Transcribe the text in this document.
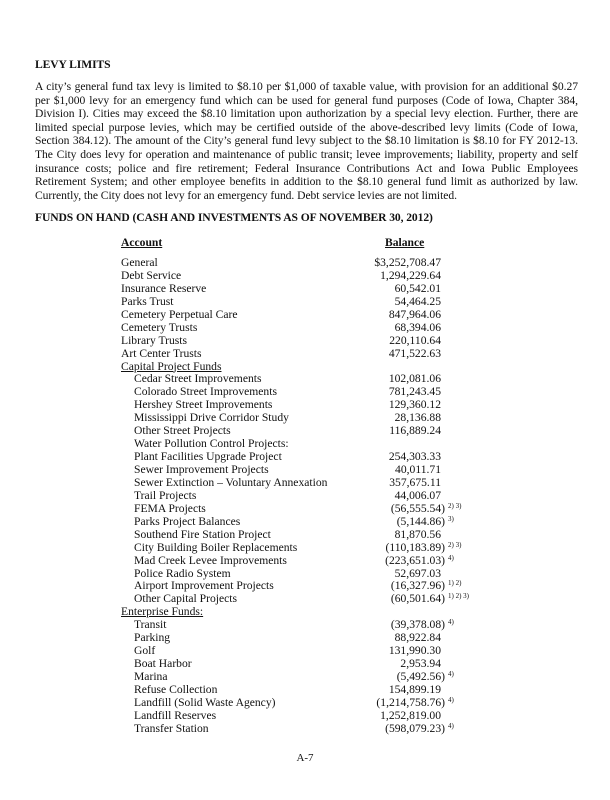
LEVY LIMITS

A city’s general fund tax levy is limited to $8.10 per $1,000 of taxable value, with provision for an additional $0.27 per $1,000 levy for an emergency fund which can be used for general fund purposes (Code of Iowa, Chapter 384, Division I). Cities may exceed the $8.10 limitation upon authorization by a special levy election. Further, there are limited special purpose levies, which may be certified outside of the above-described levy limits (Code of Iowa, Section 384.12). The amount of the City’s general fund levy subject to the $8.10 limitation is $8.10 for FY 2012-13. The City does levy for operation and maintenance of public transit; levee improvements; liability, property and self insurance costs; police and fire retirement; Federal Insurance Contributions Act and Iowa Public Employees Retirement System; and other employee benefits in addition to the $8.10 general fund limit as authorized by law. Currently, the City does not levy for an emergency fund. Debt service levies are not limited.

FUNDS ON HAND (CASH AND INVESTMENTS AS OF NOVEMBER 30, 2012)
Account	Balance
General	$3,252,708.47
Debt Service	1,294,229.64
Insurance Reserve	60,542.01
Parks Trust	54,464.25
Cemetery Perpetual Care	847,964.06
Cemetery Trusts	68,394.06
Library Trusts	220,110.64
Art Center Trusts	471,522.63
Capital Project Funds
Cedar Street Improvements	102,081.06
Colorado Street Improvements	781,243.45
Hershey Street Improvements	129,360.12
Mississippi Drive Corridor Study	28,136.88
Other Street Projects	116,889.24
Water Pollution Control Projects:
Plant Facilities Upgrade Project	254,303.33
Sewer Improvement Projects	40,011.71
Sewer Extinction – Voluntary Annexation	357,675.11
Trail Projects	44,006.07
FEMA Projects	(56,555.54) 2) 3)
Parks Project Balances	(5,144.86) 3)
Southend Fire Station Project	81,870.56
City Building Boiler Replacements	(110,183.89) 2) 3)
Mad Creek Levee Improvements	(223,651.03) 4)
Police Radio System	52,697.03
Airport Improvement Projects	(16,327.96) 1) 2)
Other Capital Projects	(60,501.64) 1) 2) 3)
Enterprise Funds:
Transit	(39,378.08) 4)
Parking	88,922.84
Golf	131,990.30
Boat Harbor	2,953.94
Marina	(5,492.56) 4)
Refuse Collection	154,899.19
Landfill (Solid Waste Agency)	(1,214,758.76) 4)
Landfill Reserves	1,252,819.00
Transfer Station	(598,079.23) 4)
A-7
